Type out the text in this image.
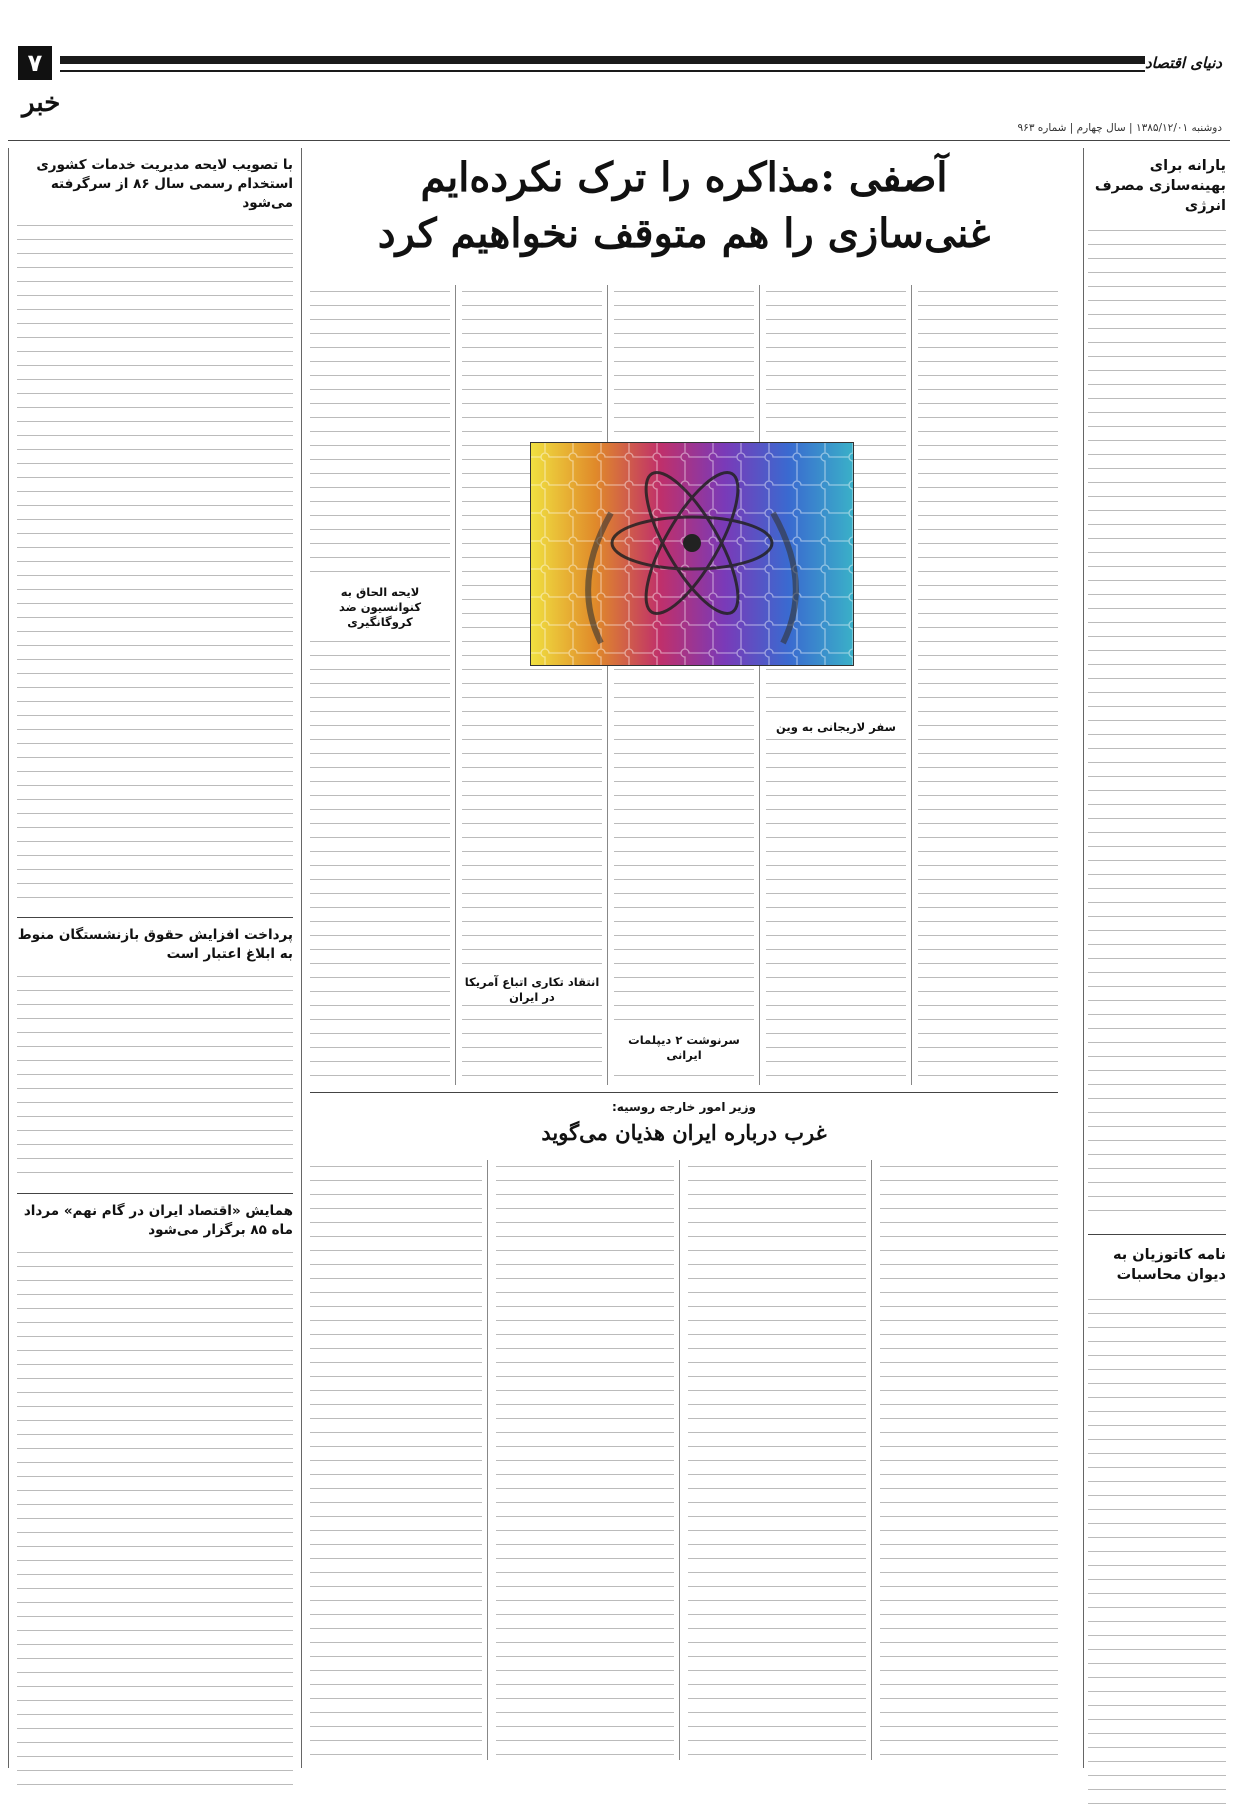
۷
خبر
دنیای اقتصاد
دوشنبه ۱۳۸۵/۱۲/۰۱ | سال چهارم | شماره ۹۶۳
با تصویب لایحه مدیریت خدمات کشوری استخدام رسمی سال ۸۶ از سرگرفته می‌شود
پرداخت افزایش حقوق بازنشستگان منوط به ابلاغ اعتبار است
همایش «اقتصاد ایران در گام نهم» مرداد ماه ۸۵ برگزار می‌شود
یارانه برای بهینه‌سازی مصرف انرژی
نامه کاتوزیان به دیوان محاسبات

آصفی :مذاکره را ترک نکرده‌ایم

غنی‌سازی را هم متوقف نخواهیم کرد

سفر لاریجانی به وین
لایحه الحاق به کنوانسیون ضد کروگانگیری
سرنوشت ۲ دیپلمات ایرانی
انتقاد تکاری اتباع آمریکا در ایران
وزیر امور خارجه روسیه:
غرب درباره ایران هذیان می‌گوید
